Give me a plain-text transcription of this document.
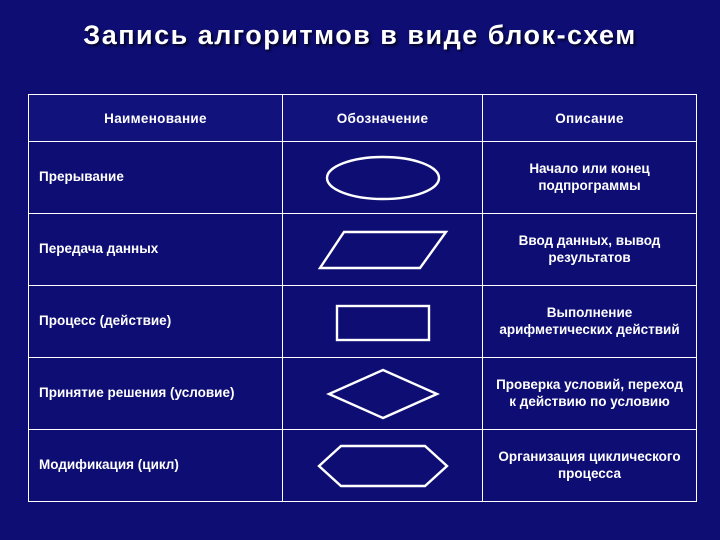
Запись алгоритмов в виде блок-схем
Наименование	Обозначение	Описание
Прерывание		Начало или конец подпрограммы
Передача данных		Ввод данных, вывод результатов
Процесс (действие)		Выполнение арифметических действий
Принятие решения (условие)		Проверка условий, переход к действию по условию
Модификация (цикл)		Организация циклического процесса
